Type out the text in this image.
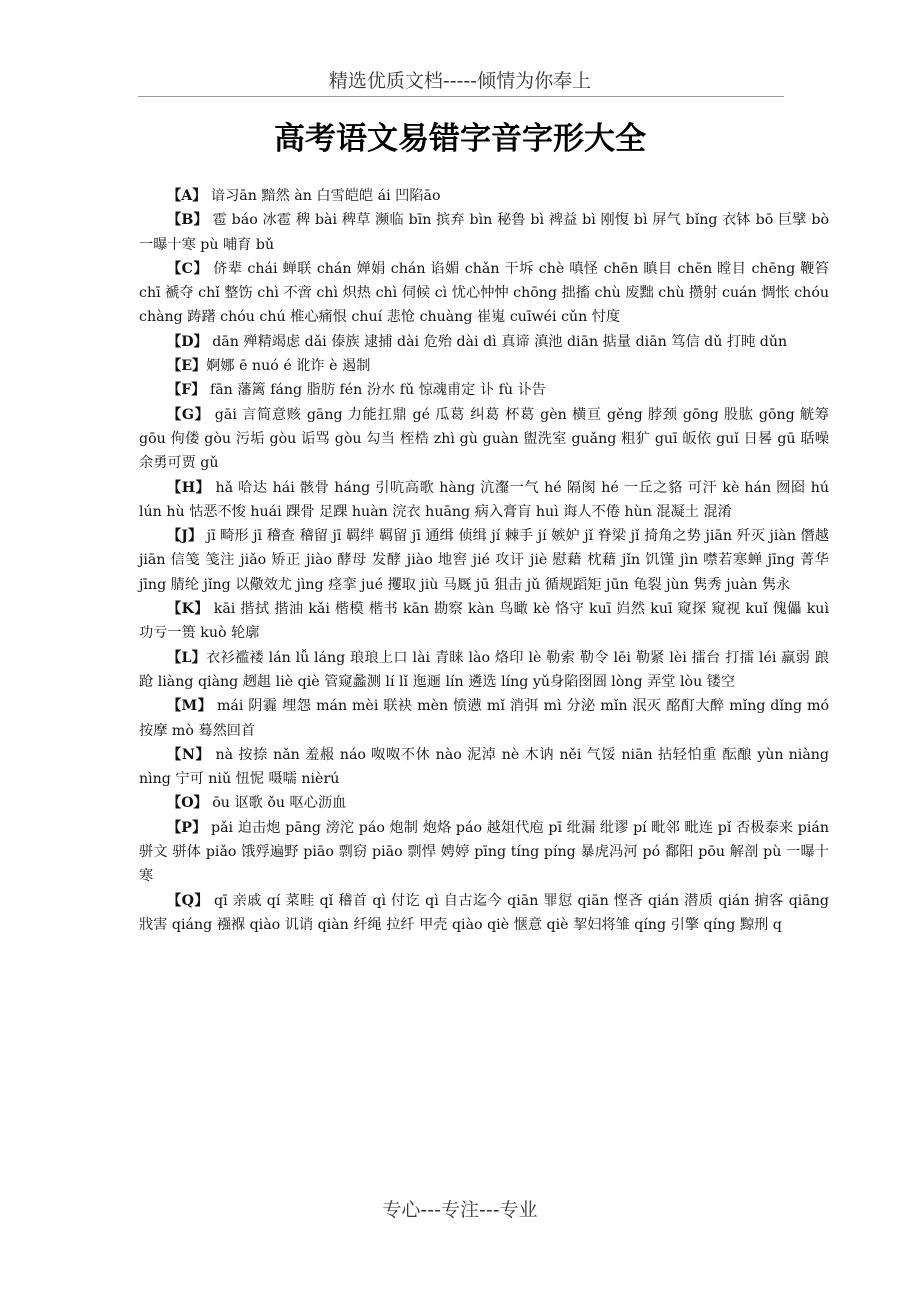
精选优质文档-----倾情为你奉上
高考语文易错字音字形大全

【A】 谙习ān 黯然 àn 白雪皑皑 ái 凹陷āo

【B】 雹 báo 冰雹 稗 bài 稗草 濒临 bīn 摈弃 bìn 秘鲁 bì 裨益 bì 刚愎 bì 屏气 bǐng 衣钵 bō 巨擘 bò 一曝十寒 pù 哺育 bǔ

【C】 侪辈 chái 蝉联 chán 婵娟 chán 谄媚 chǎn 干坼 chè 嗔怪 chēn 瞋目 chēn 瞠目 chēng 鞭笞 chī 褫夺 chǐ 整饬 chì 不啻 chì 炽热 chì 伺候 cì 忧心忡忡 chōng 拙搐 chù 废黜 chù 攒射 cuán 惆怅 chóu chàng 踌躇 chóu chú 椎心痛恨 chuí 悲怆 chuàng 崔嵬 cuīwéi cǔn 忖度

【D】 dān 殚精竭虑 dǎi 傣族 逮捕 dài 危殆 dài dì 真谛 滇池 diān 掂量 diān 笃信 dǔ 打盹 dǔn

【E】婀娜 ē nuó é 讹诈 è 遏制

【F】 fān 藩篱 fáng 脂肪 fén 汾水 fǔ 惊魂甫定 讣 fù 讣告

【G】 gāi 言简意赅 gāng 力能扛鼎 gé 瓜葛 纠葛 杯葛 gèn 横亘 gěng 脖颈 gōng 股肱 gōng 觥筹 gōu 佝偻 gòu 污垢 gòu 诟骂 gòu 勾当 桎梏 zhì gù guàn 盥洗室 guǎng 粗犷 guī 皈依 guǐ 日晷 gū 聒噪 余勇可贾 gǔ

【H】 hǎ 哈达 hái 骸骨 háng 引吭高歌 hàng 沆瀣一气 hé 隔阂 hé 一丘之貉 可汗 kè hán 囫囵 hú lún hù 怙恶不悛 huái 踝骨 足踝 huàn 浣衣 huāng 病入膏肓 huì 诲人不倦 hùn 混凝土 混淆

【J】 jī 畸形 jī 稽查 稽留 jī 羁绊 羁留 jī 通缉 侦缉 jí 棘手 jí 嫉妒 jǐ 脊梁 jǐ 掎角之势 jiān 歼灭 jiàn 僭越 jiān 信笺 笺注 jiǎo 矫正 jiào 酵母 发酵 jiào 地窖 jié 攻讦 jiè 慰藉 枕藉 jǐn 饥馑 jìn 噤若寒蝉 jīng 菁华 jīng 腈纶 jǐng 以儆效尤 jìng 痉挛 jué 攫取 jiù 马厩 jū 狙击 jǔ 循规蹈矩 jūn 龟裂 jùn 隽秀 juàn 隽永

【K】 kāi 揩拭 揩油 kǎi 楷模 楷书 kān 勘察 kàn 鸟瞰 kè 恪守 kuī 岿然 kuī 窥探 窥视 kuǐ 傀儡 kuì 功亏一篑 kuò 轮廓

【L】衣衫褴褛 lán lǚ láng 琅琅上口 lài 青睐 lào 烙印 lè 勒索 勒令 lēi 勒紧 lèi 擂台 打擂 léi 羸弱 踉跄 liàng qiàng 趔趄 liè qiè 管窥蠡测 lí lǐ 迤逦 lín 遴选 líng yǔ身陷囹圄 lòng 弄堂 lòu 镂空

【M】 mái 阴霾 埋怨 mán mèi 联袂 mèn 愤懑 mǐ 消弭 mì 分泌 mǐn 泯灭 酩酊大醉 mǐng dǐng mó 按摩 mò 蓦然回首

【N】 nà 按捺 nǎn 羞赧 náo 呶呶不休 nào 泥淖 nè 木讷 něi 气馁 niān 拈轻怕重 酝酿 yùn niàng nìng 宁可 niǔ 忸怩 嗫嚅 nièrú

【O】 ōu 讴歌 ǒu 呕心沥血

【P】 pǎi 迫击炮 pāng 滂沱 páo 炮制 炮烙 páo 越俎代庖 pī 纰漏 纰谬 pí 毗邻 毗连 pǐ 否极泰来 pián 骈文 骈体 piǎo 饿殍遍野 piāo 剽窃 piāo 剽悍 娉婷 pīng tíng píng 暴虎冯河 pó 鄱阳 pōu 解剖 pù 一曝十寒

【Q】 qī 亲戚 qí 菜畦 qǐ 稽首 qì 付讫 qì 自古迄今 qiān 罪愆 qiān 悭吝 qián 潜质 qián 掮客 qiāng 戕害 qiáng 襁褓 qiào 讥诮 qiàn 纤绳 拉纤 甲壳 qiào qiè 惬意 qiè 挈妇将雏 qíng 引擎 qíng 黥刑 q

专心---专注---专业
